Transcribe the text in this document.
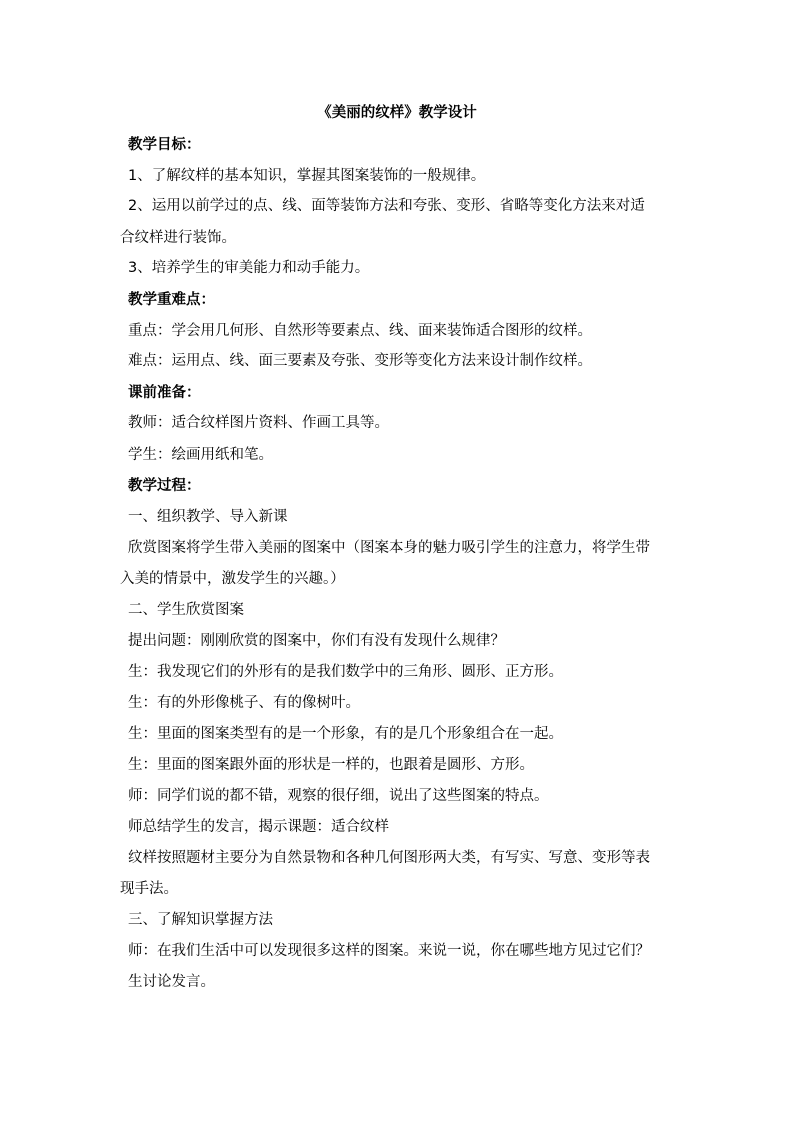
《美丽的纹样》教学设计
教学目标：
1、了解纹样的基本知识，掌握其图案装饰的一般规律。
2、运用以前学过的点、线、面等装饰方法和夸张、变形、省略等变化方法来对适
合纹样进行装饰。
3、培养学生的审美能力和动手能力。
教学重难点：
重点：学会用几何形、自然形等要素点、线、面来装饰适合图形的纹样。
难点：运用点、线、面三要素及夸张、变形等变化方法来设计制作纹样。
课前准备：
教师：适合纹样图片资料、作画工具等。
学生：绘画用纸和笔。
教学过程：
一、组织教学、导入新课
欣赏图案将学生带入美丽的图案中（图案本身的魅力吸引学生的注意力，将学生带
入美的情景中，激发学生的兴趣。）
二、学生欣赏图案
提出问题：刚刚欣赏的图案中，你们有没有发现什么规律？
生：我发现它们的外形有的是我们数学中的三角形、圆形、正方形。
生：有的外形像桃子、有的像树叶。
生：里面的图案类型有的是一个形象，有的是几个形象组合在一起。
生：里面的图案跟外面的形状是一样的，也跟着是圆形、方形。
师：同学们说的都不错，观察的很仔细，说出了这些图案的特点。
师总结学生的发言，揭示课题：适合纹样
纹样按照题材主要分为自然景物和各种几何图形两大类，有写实、写意、变形等表
现手法。
三、了解知识掌握方法
师：在我们生活中可以发现很多这样的图案。来说一说，你在哪些地方见过它们？
生讨论发言。
